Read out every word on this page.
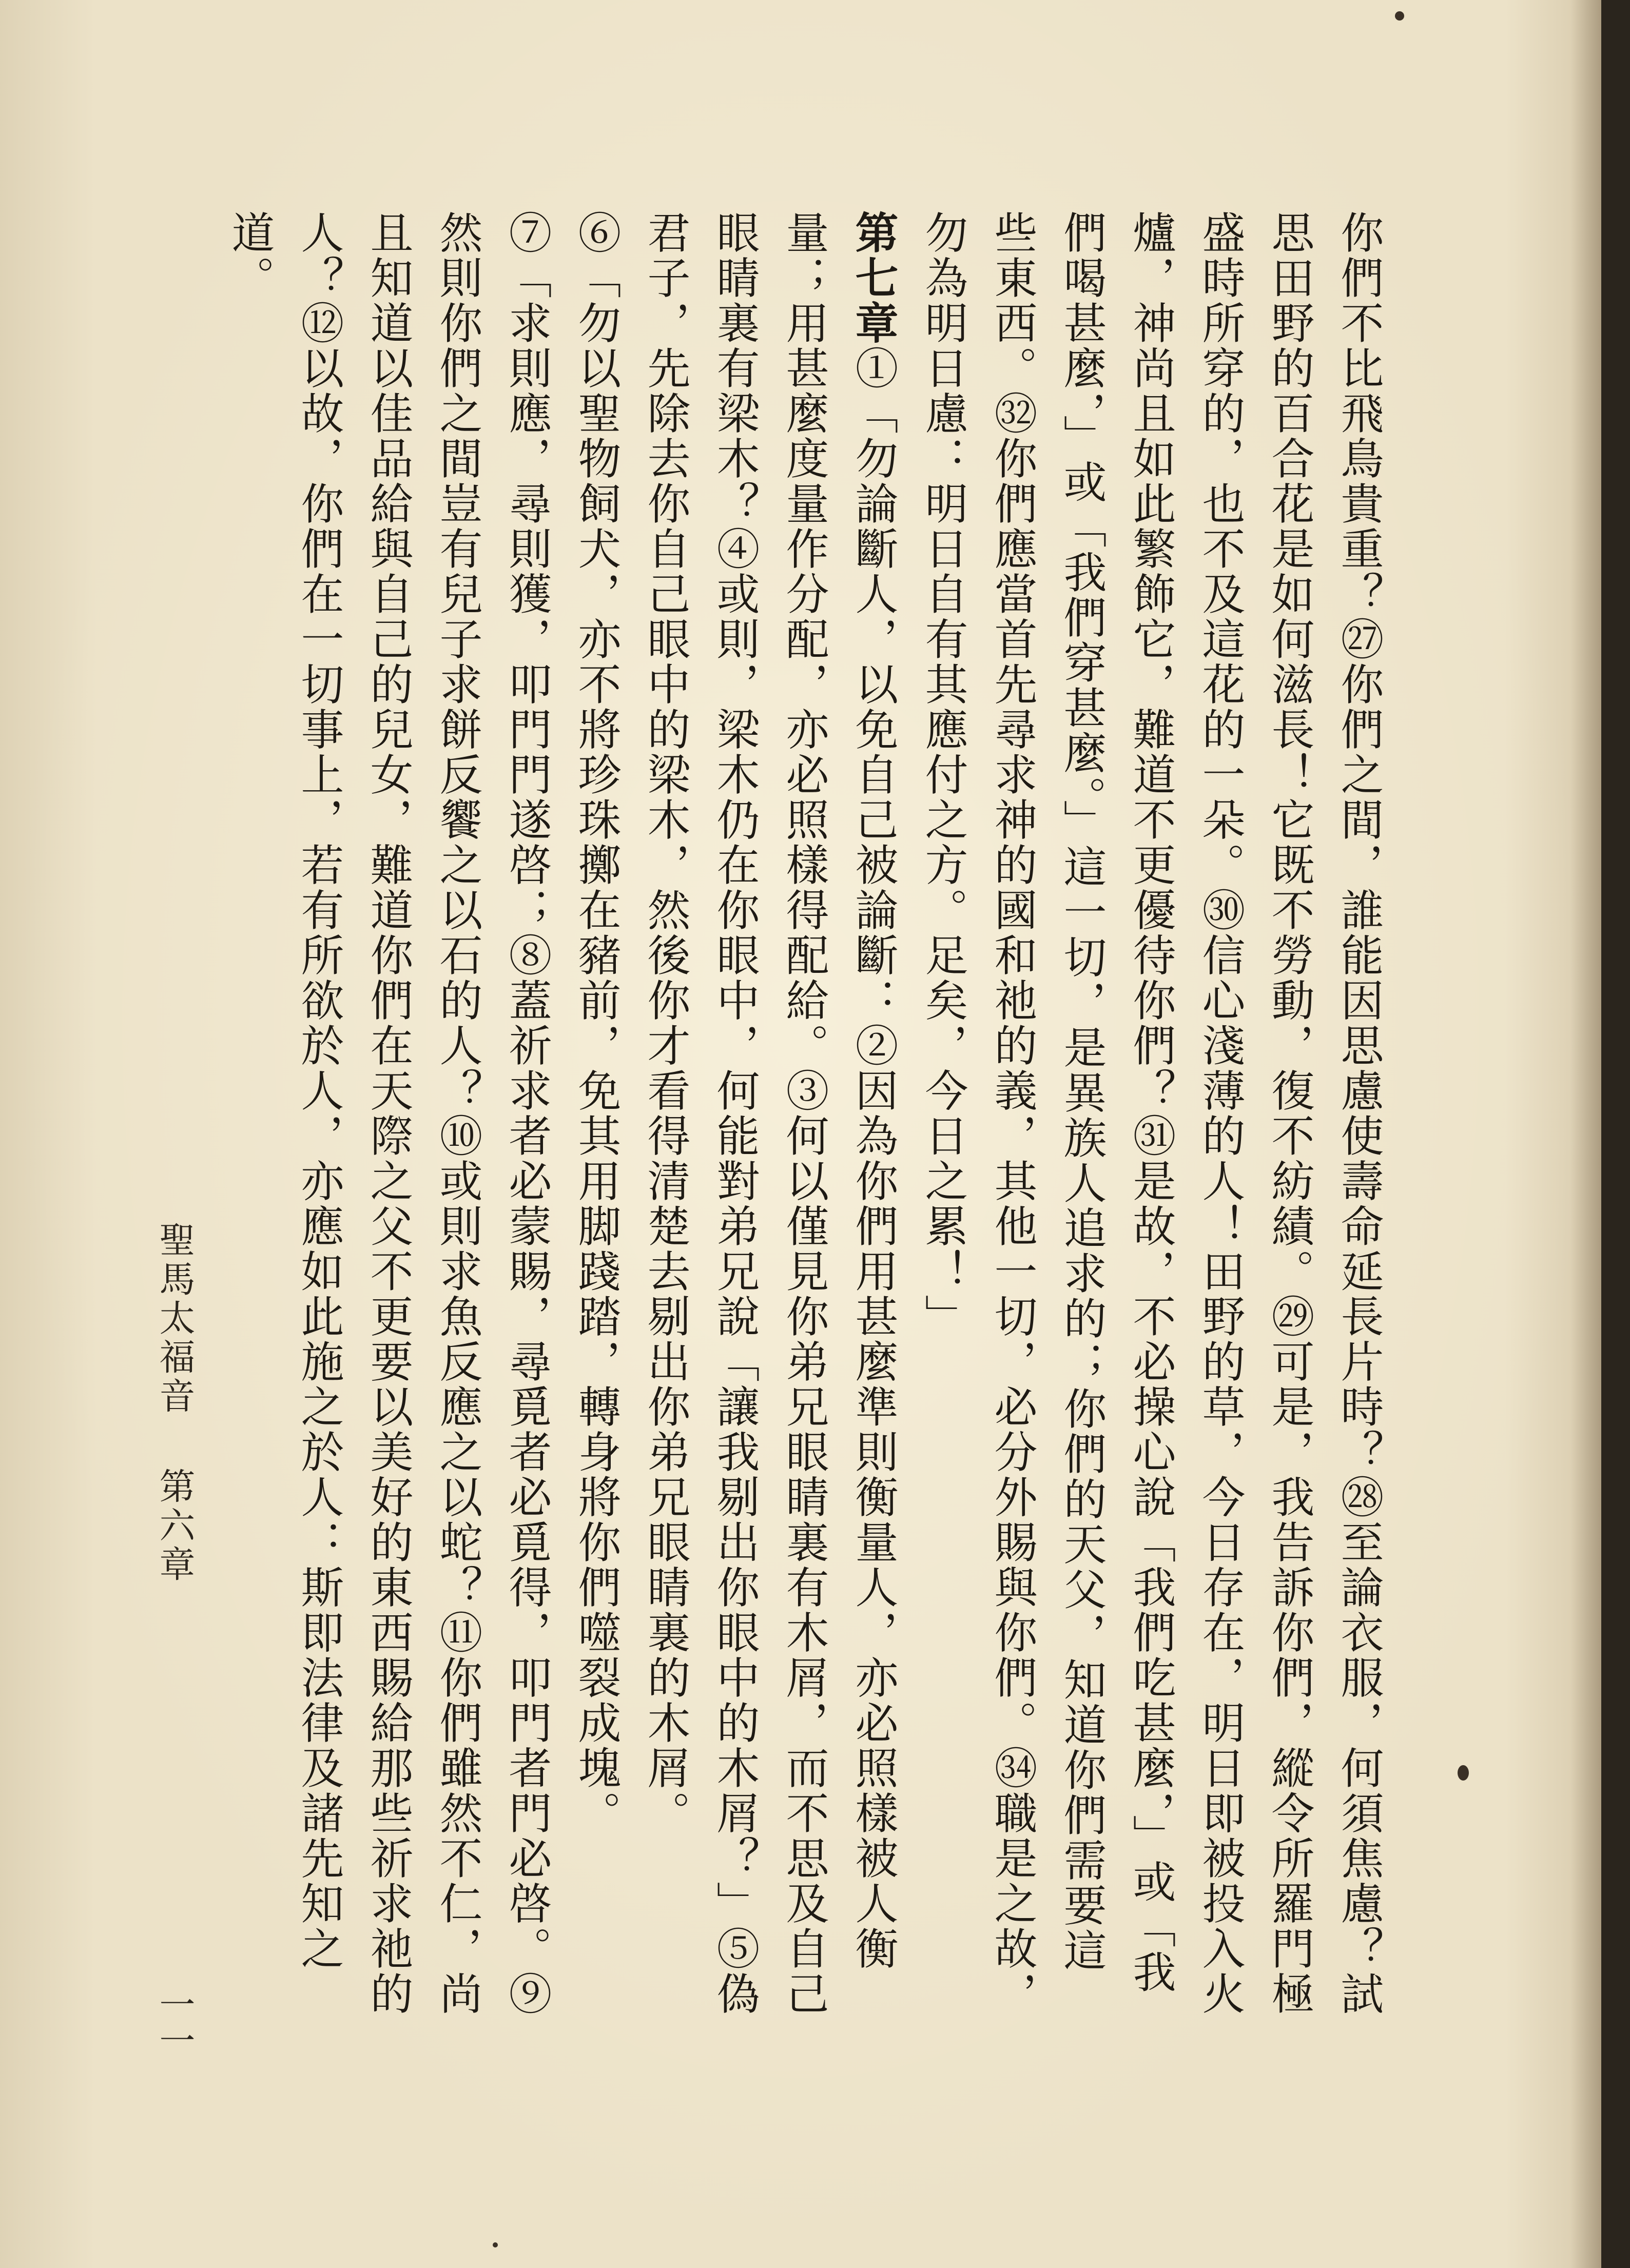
你們不比飛鳥貴重？㉗你們之間，誰能因思慮使壽命延長片時？㉘至論衣服，何須焦慮？試思田野的百合花是如何滋長！它既不勞動，復不紡績。㉙可是，我告訴你們，縱令所羅門極盛時所穿的，也不及這花的一朵。㉚信心淺薄的人！田野的草，今日存在，明日即被投入火爐，神尚且如此繁飾它，難道不更優待你們？㉛是故，不必操心說「我們吃甚麼，」或「我們喝甚麼，」或「我們穿甚麼。」這一切，是異族人追求的；你們的天父，知道你們需要這些東西。㉜你們應當首先尋求神的國和祂的義，其他一切，必分外賜與你們。㉞職是之故，勿為明日慮：明日自有其應付之方。足矣，今日之累！」

第七章①「勿論斷人，以免自己被論斷：②因為你們用甚麼準則衡量人，亦必照樣被人衡量；用甚麼度量作分配，亦必照樣得配給。③何以僅見你弟兄眼睛裏有木屑，而不思及自己眼睛裏有梁木？④或則，梁木仍在你眼中，何能對弟兄說「讓我剔出你眼中的木屑？」⑤偽君子，先除去你自己眼中的梁木，然後你才看得清楚去剔出你弟兄眼睛裏的木屑。

⑥「勿以聖物飼犬，亦不將珍珠擲在豬前，免其用脚踐踏，轉身將你們噬裂成塊。

⑦「求則應，尋則獲，叩門門遂啓；⑧蓋祈求者必蒙賜，尋覓者必覓得，叩門者門必啓。⑨然則你們之間豈有兒子求餅反饗之以石的人？⑩或則求魚反應之以蛇？⑪你們雖然不仁，尚且知道以佳品給與自己的兒女，難道你們在天際之父不更要以美好的東西賜給那些祈求祂的人？⑫以故，你們在一切事上，若有所欲於人，亦應如此施之於人：斯即法律及諸先知之道。

聖馬太福音
第六章
一一
